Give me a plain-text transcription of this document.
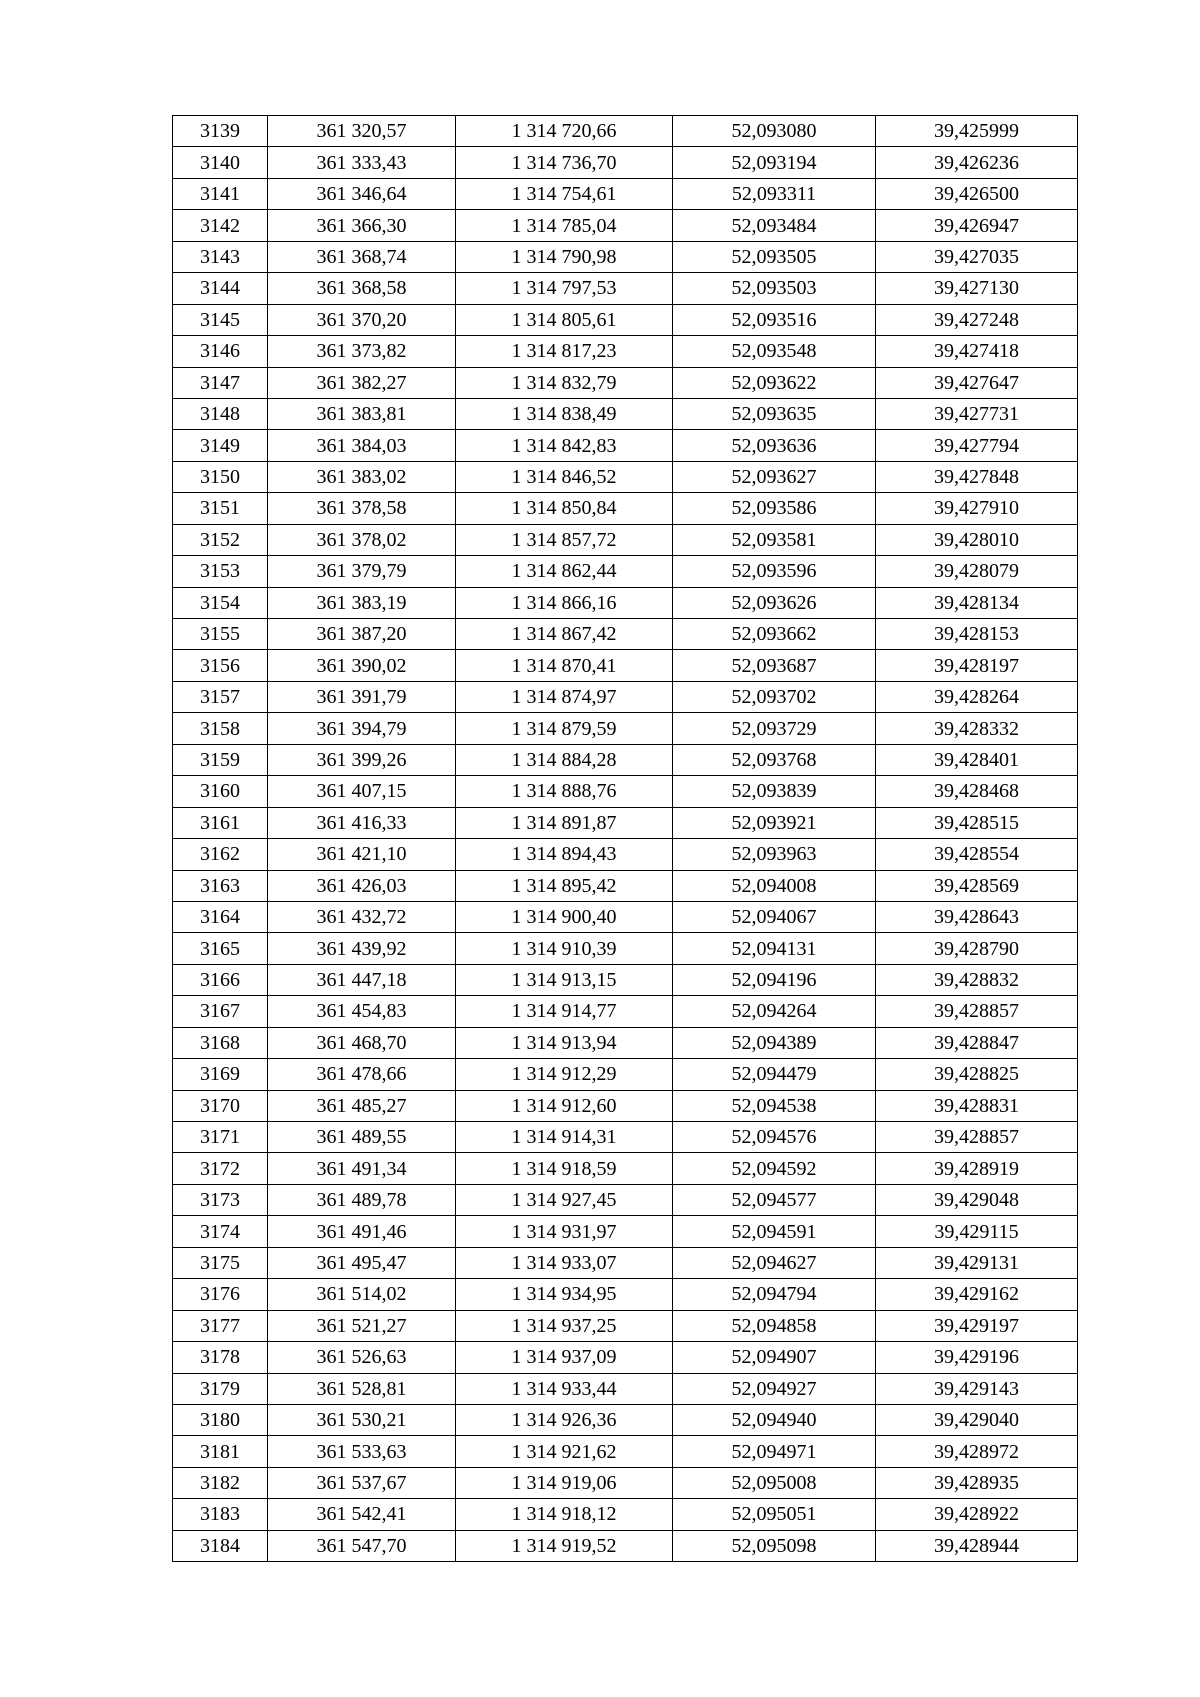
3139	361 320,57	1 314 720,66	52,093080	39,425999
3140	361 333,43	1 314 736,70	52,093194	39,426236
3141	361 346,64	1 314 754,61	52,093311	39,426500
3142	361 366,30	1 314 785,04	52,093484	39,426947
3143	361 368,74	1 314 790,98	52,093505	39,427035
3144	361 368,58	1 314 797,53	52,093503	39,427130
3145	361 370,20	1 314 805,61	52,093516	39,427248
3146	361 373,82	1 314 817,23	52,093548	39,427418
3147	361 382,27	1 314 832,79	52,093622	39,427647
3148	361 383,81	1 314 838,49	52,093635	39,427731
3149	361 384,03	1 314 842,83	52,093636	39,427794
3150	361 383,02	1 314 846,52	52,093627	39,427848
3151	361 378,58	1 314 850,84	52,093586	39,427910
3152	361 378,02	1 314 857,72	52,093581	39,428010
3153	361 379,79	1 314 862,44	52,093596	39,428079
3154	361 383,19	1 314 866,16	52,093626	39,428134
3155	361 387,20	1 314 867,42	52,093662	39,428153
3156	361 390,02	1 314 870,41	52,093687	39,428197
3157	361 391,79	1 314 874,97	52,093702	39,428264
3158	361 394,79	1 314 879,59	52,093729	39,428332
3159	361 399,26	1 314 884,28	52,093768	39,428401
3160	361 407,15	1 314 888,76	52,093839	39,428468
3161	361 416,33	1 314 891,87	52,093921	39,428515
3162	361 421,10	1 314 894,43	52,093963	39,428554
3163	361 426,03	1 314 895,42	52,094008	39,428569
3164	361 432,72	1 314 900,40	52,094067	39,428643
3165	361 439,92	1 314 910,39	52,094131	39,428790
3166	361 447,18	1 314 913,15	52,094196	39,428832
3167	361 454,83	1 314 914,77	52,094264	39,428857
3168	361 468,70	1 314 913,94	52,094389	39,428847
3169	361 478,66	1 314 912,29	52,094479	39,428825
3170	361 485,27	1 314 912,60	52,094538	39,428831
3171	361 489,55	1 314 914,31	52,094576	39,428857
3172	361 491,34	1 314 918,59	52,094592	39,428919
3173	361 489,78	1 314 927,45	52,094577	39,429048
3174	361 491,46	1 314 931,97	52,094591	39,429115
3175	361 495,47	1 314 933,07	52,094627	39,429131
3176	361 514,02	1 314 934,95	52,094794	39,429162
3177	361 521,27	1 314 937,25	52,094858	39,429197
3178	361 526,63	1 314 937,09	52,094907	39,429196
3179	361 528,81	1 314 933,44	52,094927	39,429143
3180	361 530,21	1 314 926,36	52,094940	39,429040
3181	361 533,63	1 314 921,62	52,094971	39,428972
3182	361 537,67	1 314 919,06	52,095008	39,428935
3183	361 542,41	1 314 918,12	52,095051	39,428922
3184	361 547,70	1 314 919,52	52,095098	39,428944
